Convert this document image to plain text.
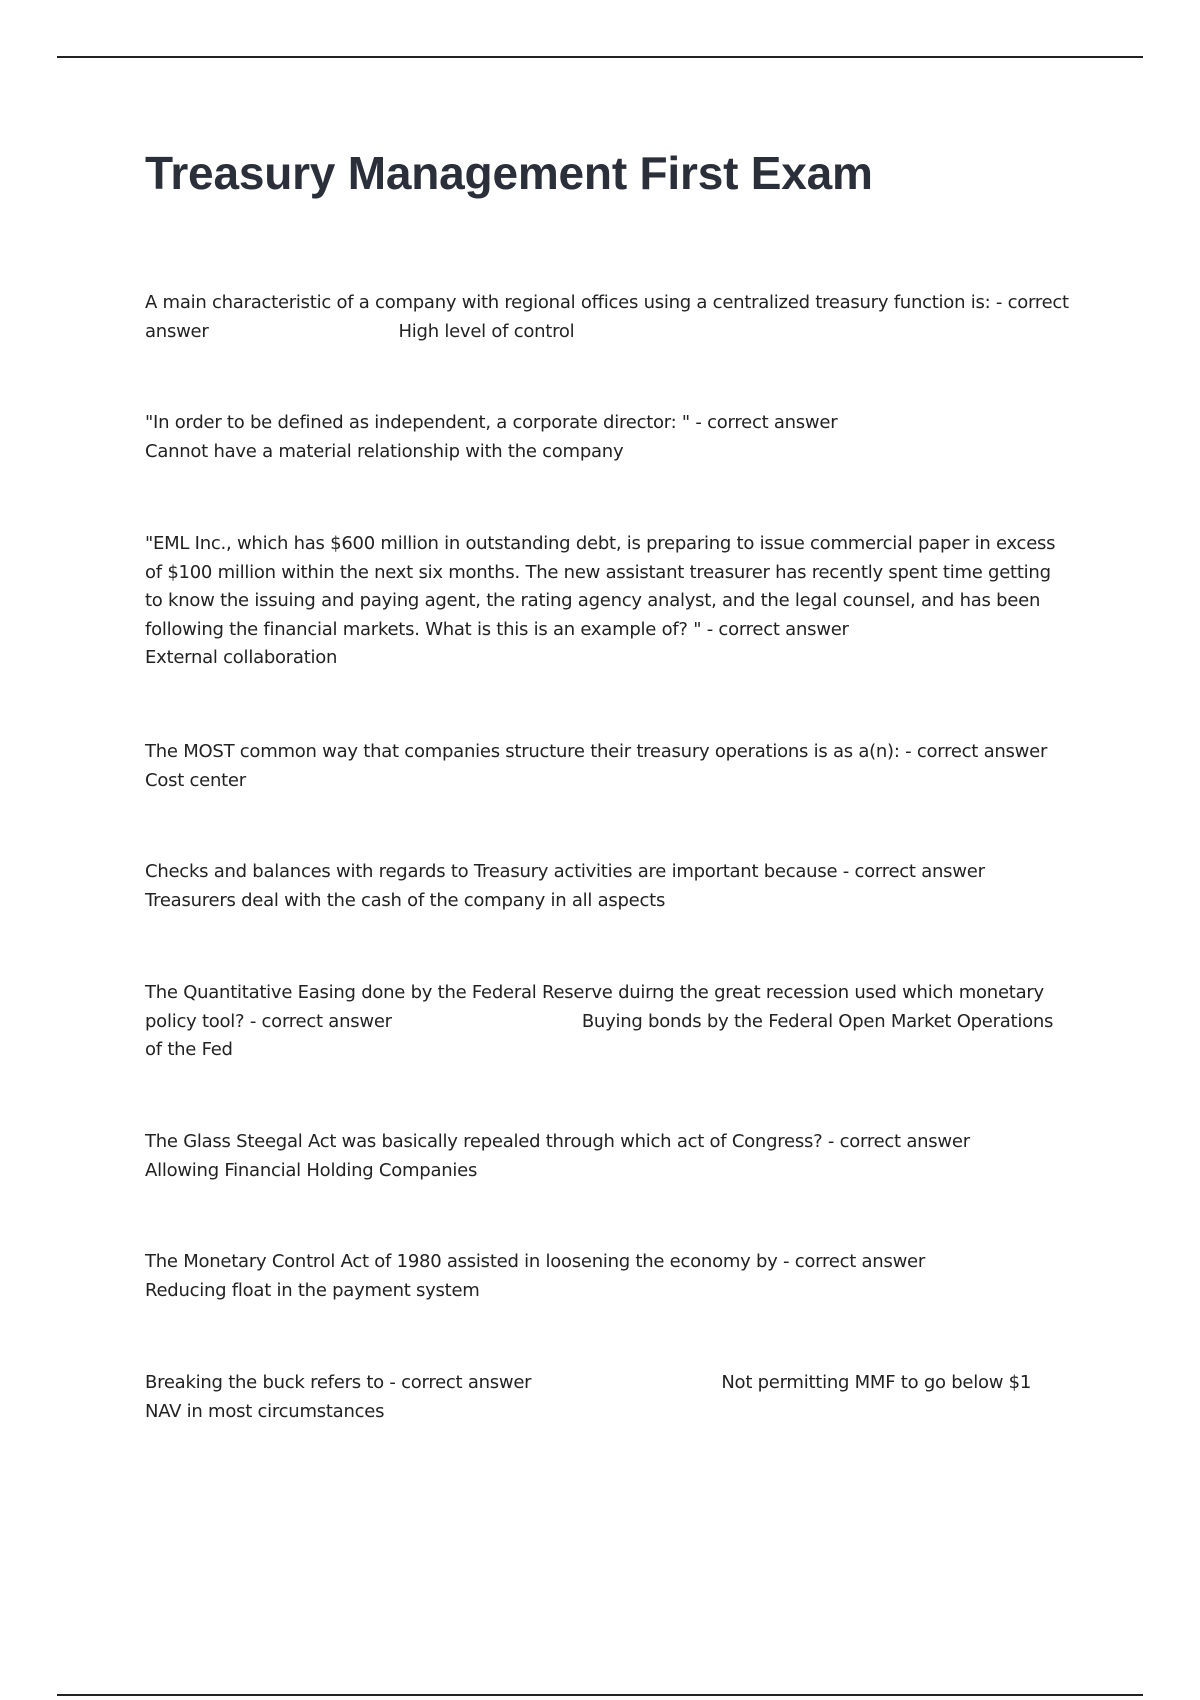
Treasury Management First Exam

A main characteristic of a company with regional offices using a centralized treasury function is: - correct
answer	High level of control

"In order to be defined as independent, a corporate director: " - correct answer
Cannot have a material relationship with the company

"EML Inc., which has $600 million in outstanding debt, is preparing to issue commercial paper in excess
of $100 million within the next six months. The new assistant treasurer has recently spent time getting
to know the issuing and paying agent, the rating agency analyst, and the legal counsel, and has been
following the financial markets. What is this is an example of? " - correct answer
External collaboration

The MOST common way that companies structure their treasury operations is as a(n): - correct answer
Cost center

Checks and balances with regards to Treasury activities are important because - correct answer
Treasurers deal with the cash of the company in all aspects

The Quantitative Easing done by the Federal Reserve duirng the great recession used which monetary
policy tool? - correct answer	Buying bonds by the Federal Open Market Operations
of the Fed

The Glass Steegal Act was basically repealed through which act of Congress? - correct answer
Allowing Financial Holding Companies

The Monetary Control Act of 1980 assisted in loosening the economy by - correct answer
Reducing float in the payment system

Breaking the buck refers to - correct answer	Not permitting MMF to go below $1
NAV in most circumstances
